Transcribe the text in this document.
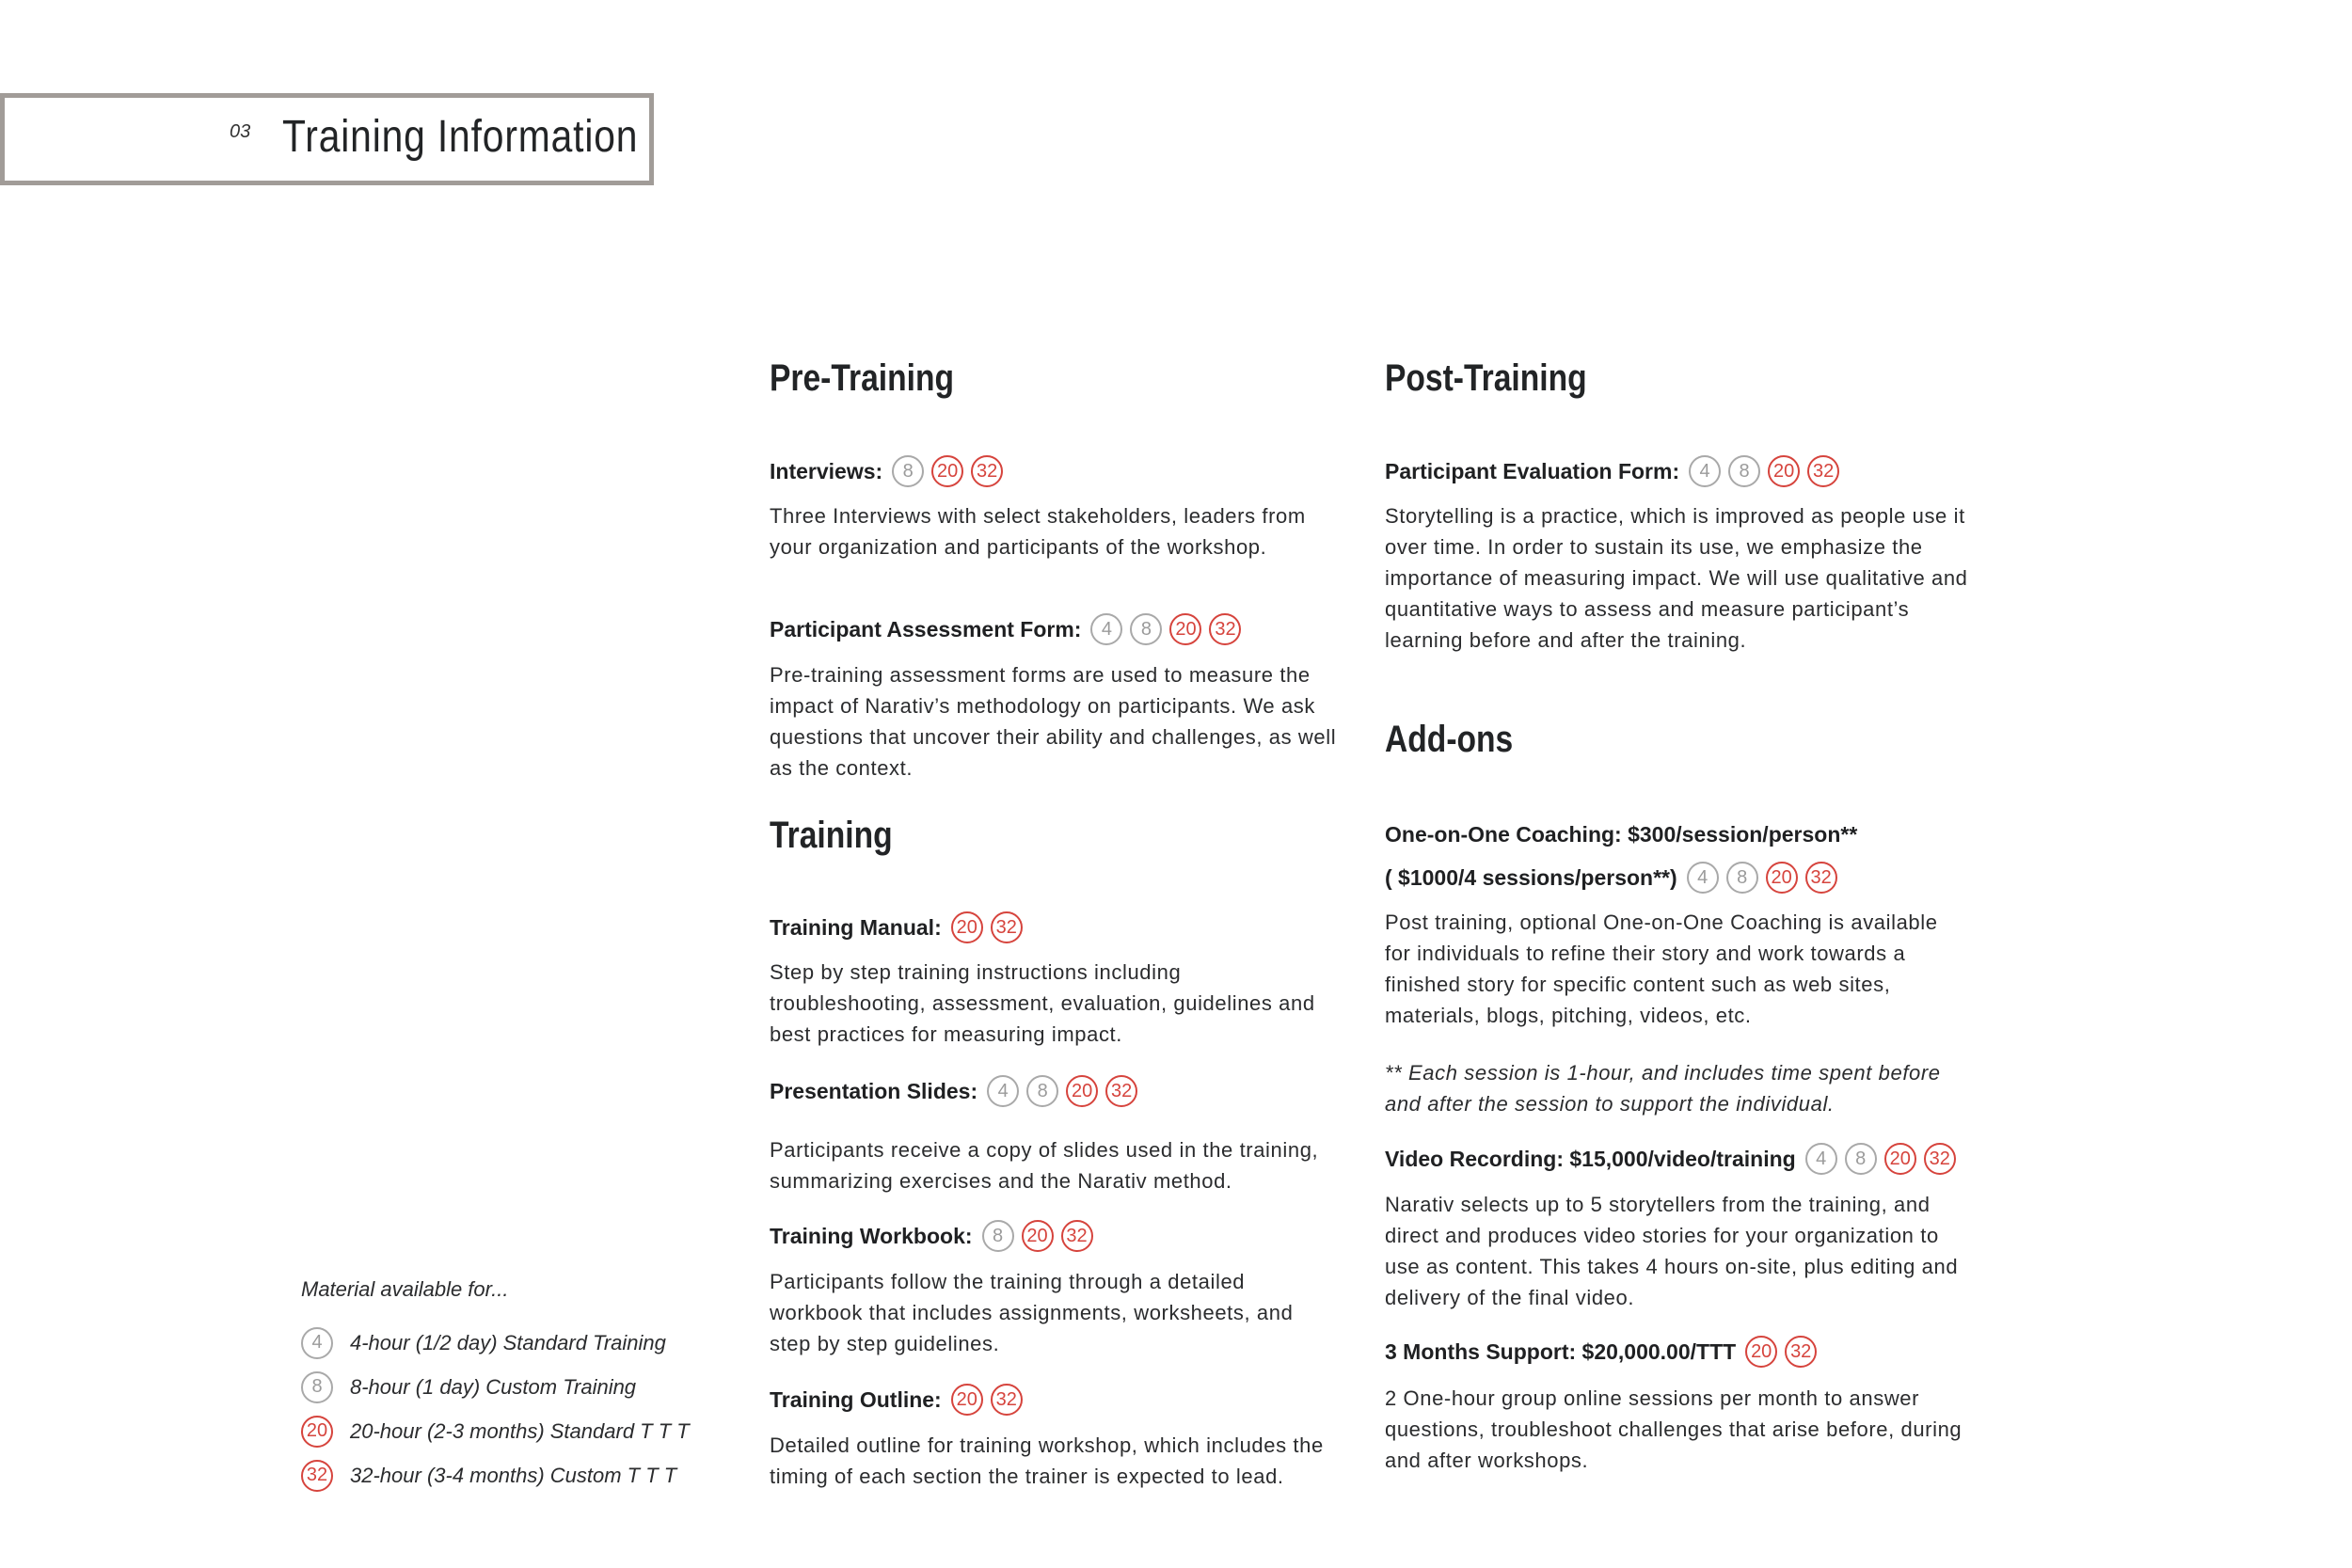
03 Training Information
Pre-Training
Interviews:	8	20 32

Three Interviews with select stakeholders, leaders from your organization and participants of the workshop.

Participant Assessment Form:	4	8	20 32

Pre-training assessment forms are used to measure the impact of Narativ’s methodology on participants. We ask questions that uncover their ability and challenges, as well as the context.

Training
Training Manual: 20 32

Step by step training instructions including troubleshooting, assessment, evaluation, guidelines and best practices for measuring impact.

Presentation Slides:	4	8	20 32

Participants receive a copy of slides used in the training, summarizing exercises and the Narativ method.

Training Workbook:	8	20 32

Participants follow the training through a detailed workbook that includes assignments, worksheets, and step by step guidelines.

Training Outline: 20 32

Detailed outline for training workshop, which includes the timing of each section the trainer is expected to lead.

Post-Training
Participant Evaluation Form:	4	8	20 32

Storytelling is a practice, which is improved as people use it over time. In order to sustain its use, we emphasize the importance of measuring impact. We will use qualitative and quantitative ways to assess and measure participant’s learning before and after the training.

Add-ons
One-on-One Coaching: $300/session/person**
( $1000/4 sessions/person**)	4	8	20 32

Post training, optional One-on-One Coaching is available for individuals to refine their story and work towards a finished story for specific content such as web sites, materials, blogs, pitching, videos, etc.

** Each session is 1-hour, and includes time spent before and after the session to support the individual.

Video Recording: $15,000/video/training	4	8	20 32

Narativ selects up to 5 storytellers from the training, and direct and produces video stories for your organization to use as content. This takes 4 hours on-site, plus editing and delivery of the final video.

3 Months Support: $20,000.00/TTT 20 32

2 One-hour group online sessions per month to answer questions, troubleshoot challenges that arise before, during and after workshops.

Material available for...

4	4-hour (1/2 day) Standard Training
8	8-hour (1 day) Custom Training
20 20-hour (2-3 months) Standard T T T
32 32-hour (3-4 months) Custom T T T
